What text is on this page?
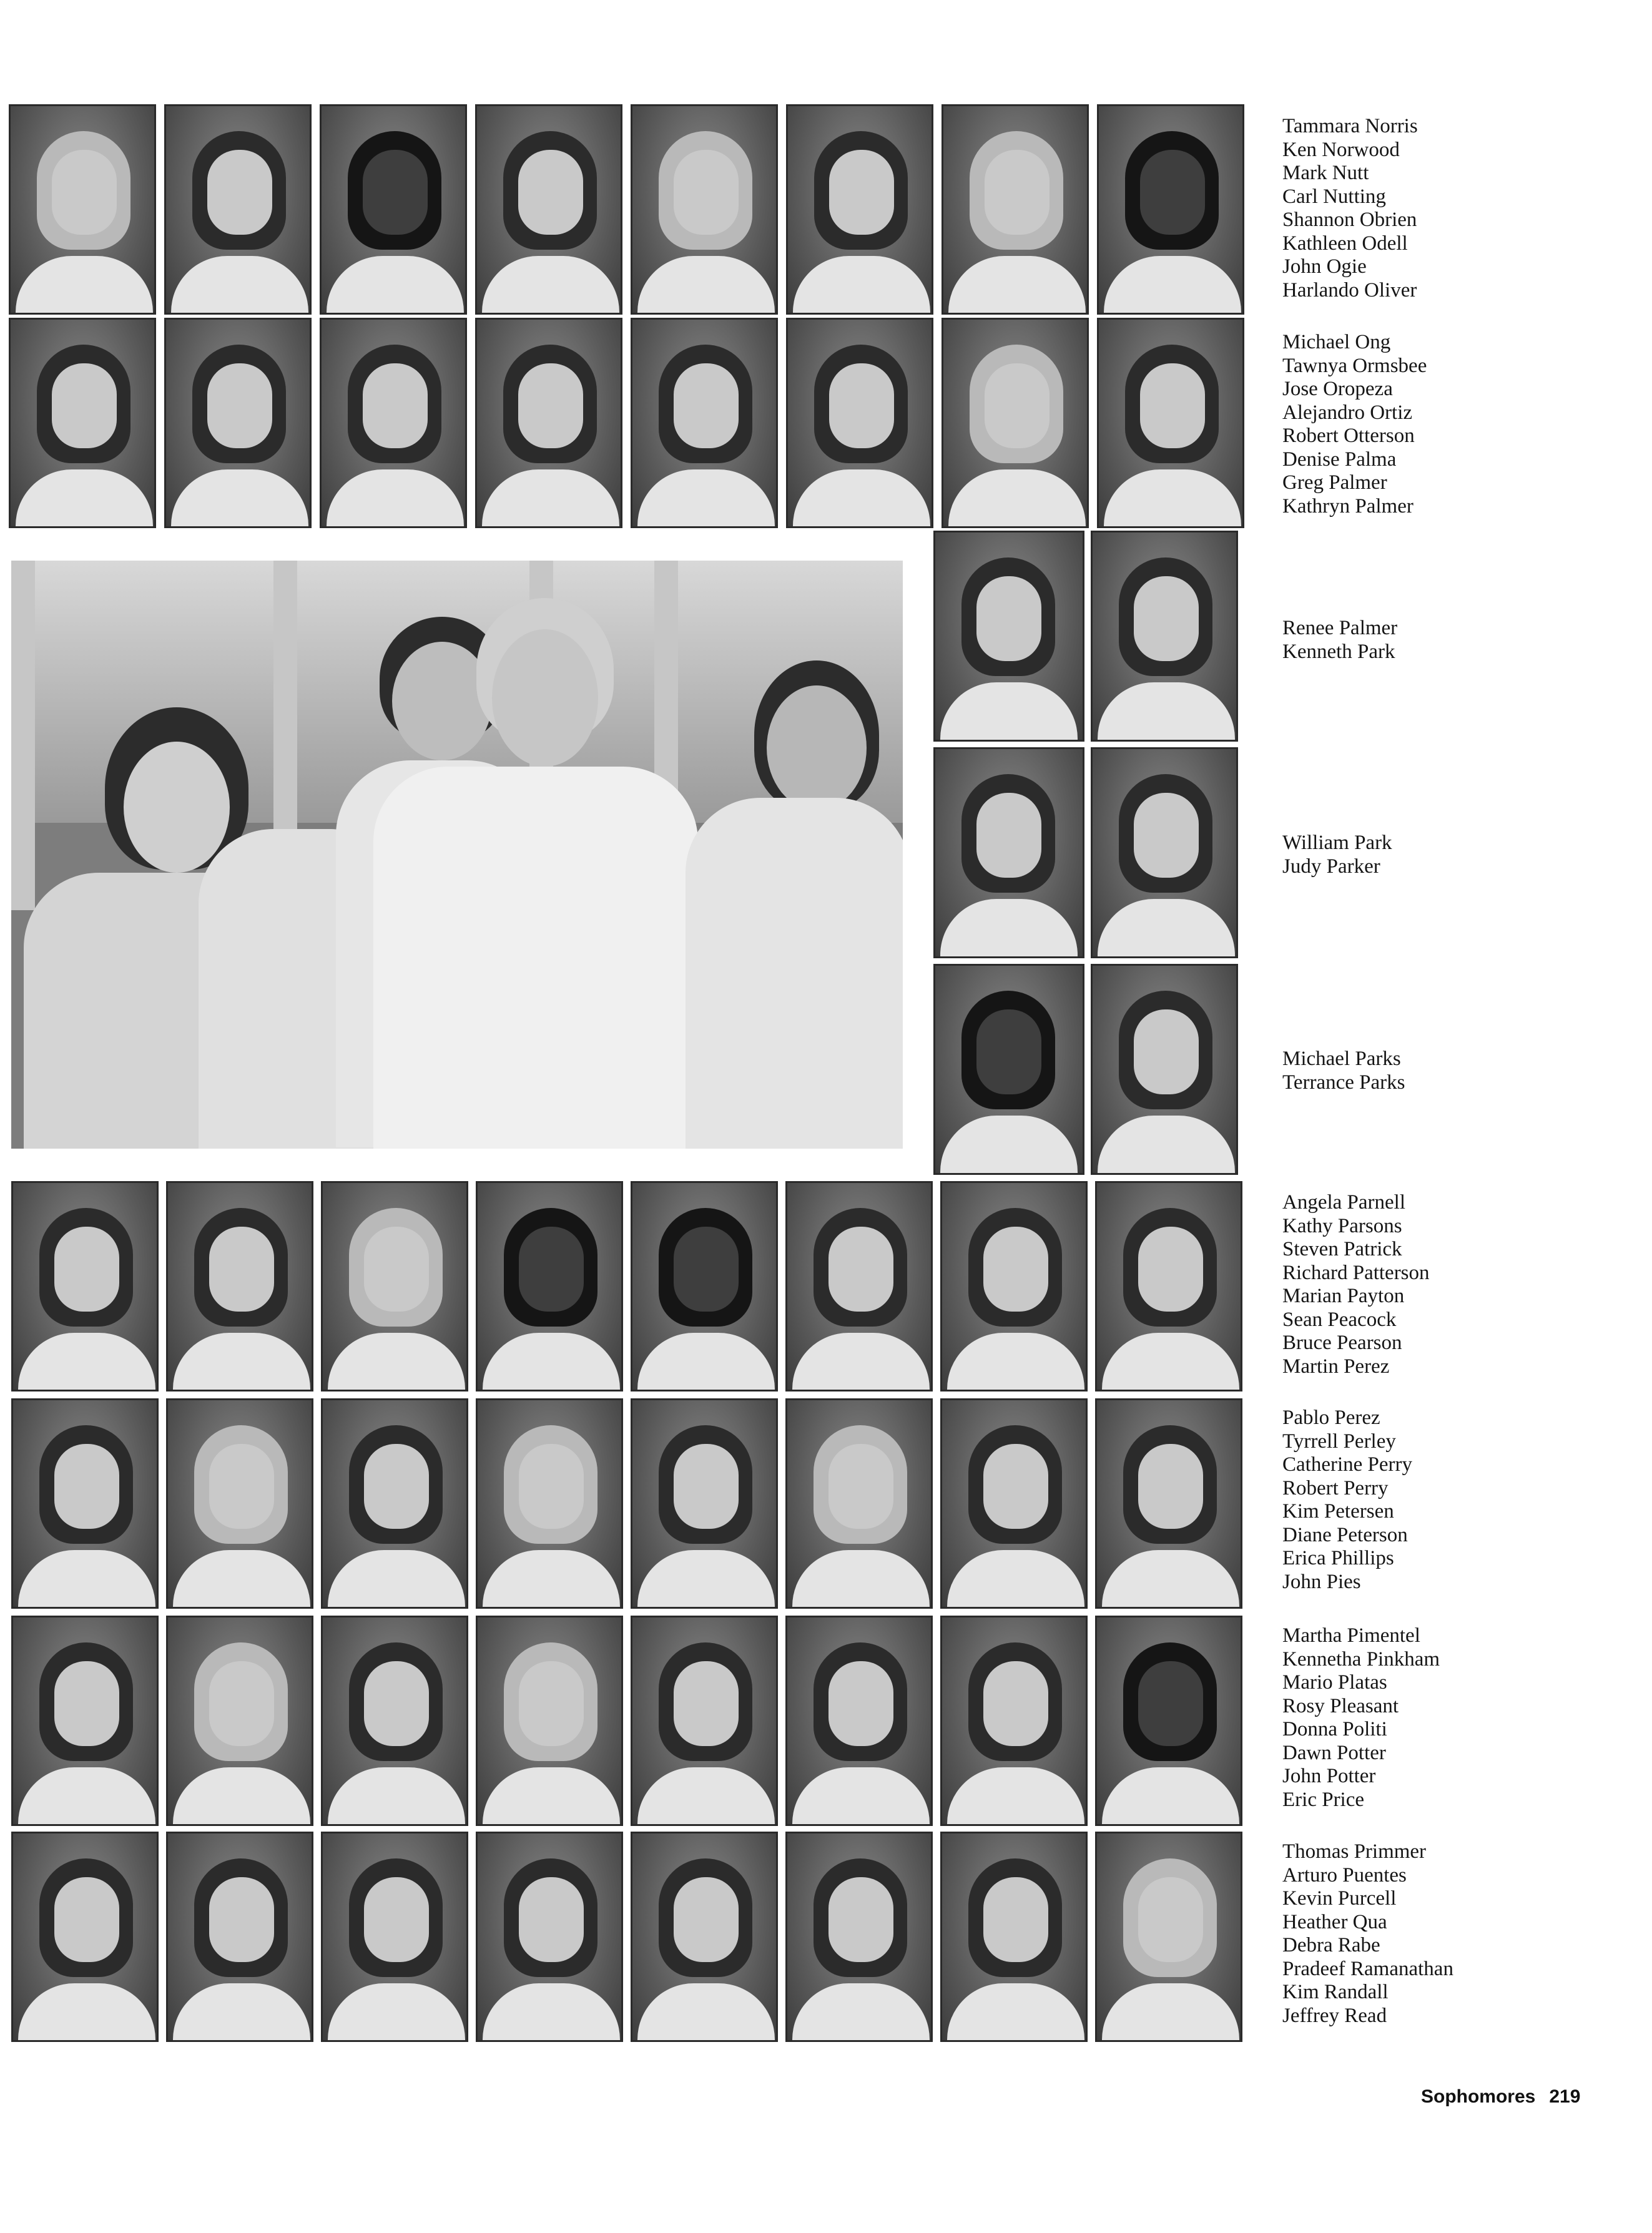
Tammara Norris
Ken Norwood
Mark Nutt
Carl Nutting
Shannon Obrien
Kathleen Odell
John Ogie
Harlando Oliver
Michael Ong
Tawnya Ormsbee
Jose Oropeza
Alejandro Ortiz
Robert Otterson
Denise Palma
Greg Palmer
Kathryn Palmer
Renee Palmer
Kenneth Park
William Park
Judy Parker
Michael Parks
Terrance Parks
Angela Parnell
Kathy Parsons
Steven Patrick
Richard Patterson
Marian Payton
Sean Peacock
Bruce Pearson
Martin Perez
Pablo Perez
Tyrrell Perley
Catherine Perry
Robert Perry
Kim Petersen
Diane Peterson
Erica Phillips
John Pies
Martha Pimentel
Kennetha Pinkham
Mario Platas
Rosy Pleasant
Donna Politi
Dawn Potter
John Potter
Eric Price
Thomas Primmer
Arturo Puentes
Kevin Purcell
Heather Qua
Debra Rabe
Pradeef Ramanathan
Kim Randall
Jeffrey Read
Sophomores 219
